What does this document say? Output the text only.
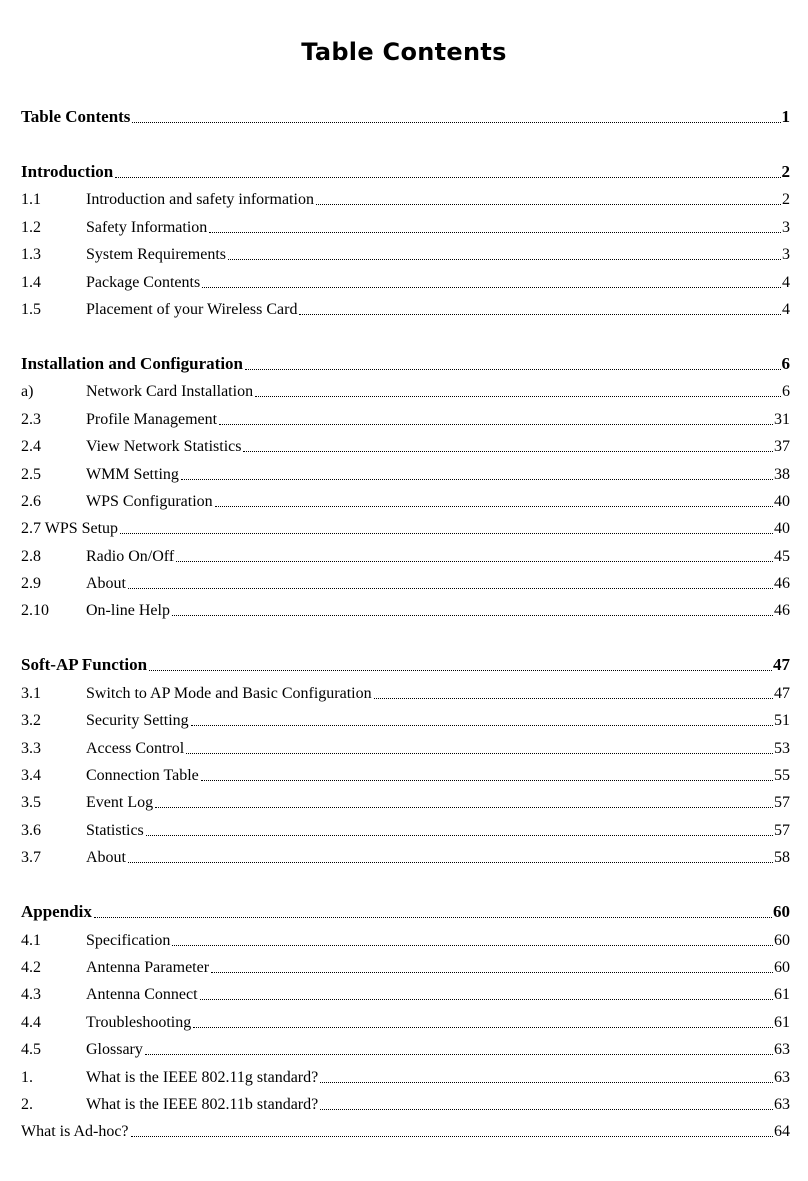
Table Contents
Table Contents	1
Introduction	2
1.1	Introduction and safety information	2
1.2	Safety Information	3
1.3	System Requirements	3
1.4	Package Contents	4
1.5	Placement of your Wireless Card	4
Installation and Configuration	6
a)	Network Card Installation	6
2.3	Profile Management	31
2.4	View Network Statistics	37
2.5	WMM Setting	38
2.6	WPS Configuration	40
2.7 WPS Setup	40
2.8	Radio On/Off	45
2.9	About	46
2.10	On-line Help	46
Soft-AP Function	47
3.1	Switch to AP Mode and Basic Configuration	47
3.2	Security Setting	51
3.3	Access Control	53
3.4	Connection Table	55
3.5	Event Log	57
3.6	Statistics	57
3.7	About	58
Appendix	60
4.1	Specification	60
4.2	Antenna Parameter	60
4.3	Antenna Connect	61
4.4	Troubleshooting	61
4.5	Glossary	63
1.	What is the IEEE 802.11g standard?	63
2.	What is the IEEE 802.11b standard?	63
What is Ad-hoc?	64
